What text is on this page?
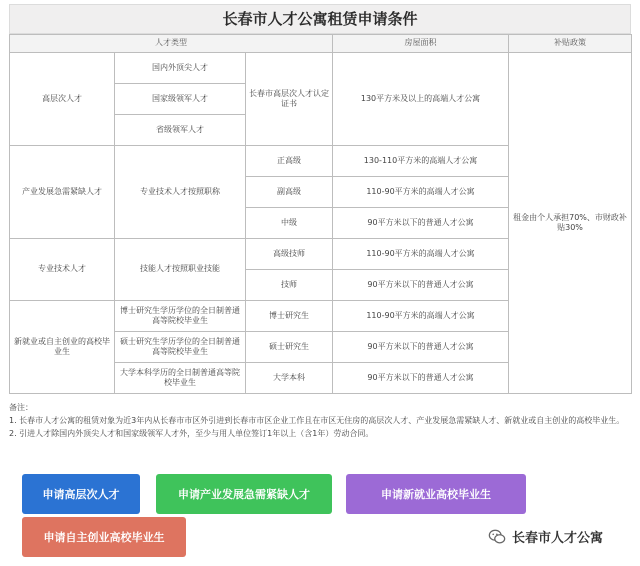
长春市人才公寓租赁申请条件
人才类型			房屋面积	补贴政策
高层次人才	国内外顶尖人才	长春市高层次人才认定证书	130平方米及以上的高端人才公寓	租金由个人承担70%、市财政补贴30%
	国家级领军人才			
	省级领军人才			
产业发展急需紧缺人才	专业技术人才按照职称	正高级	130-110平方米的高端人才公寓	
		副高级	110-90平方米的高端人才公寓	
		中级	90平方米以下的普通人才公寓	
专业技术人才	技能人才按照职业技能	高级技师	110-90平方米的高端人才公寓	
		技师	90平方米以下的普通人才公寓	
新就业或自主创业的高校毕业生	博士研究生学历学位的全日制普通高等院校毕业生	博士研究生	110-90平方米的高端人才公寓	
	硕士研究生学历学位的全日制普通高等院校毕业生	硕士研究生	90平方米以下的普通人才公寓	
	大学本科学历的全日制普通高等院校毕业生	大学本科	90平方米以下的普通人才公寓	

备注：

1. 长春市人才公寓的租赁对象为近3年内从长春市市区外引进到长春市市区企业工作且在市区无住房的高层次人才、产业发展急需紧缺人才、新就业或自主创业的高校毕业生。

2. 引进人才除国内外顶尖人才和国家级领军人才外，至少与用人单位签订1年以上（含1年）劳动合同。

申请高层次人才	申请产业发展急需紧缺人才	申请新就业高校毕业生
申请自主创业高校毕业生	长春市人才公寓
